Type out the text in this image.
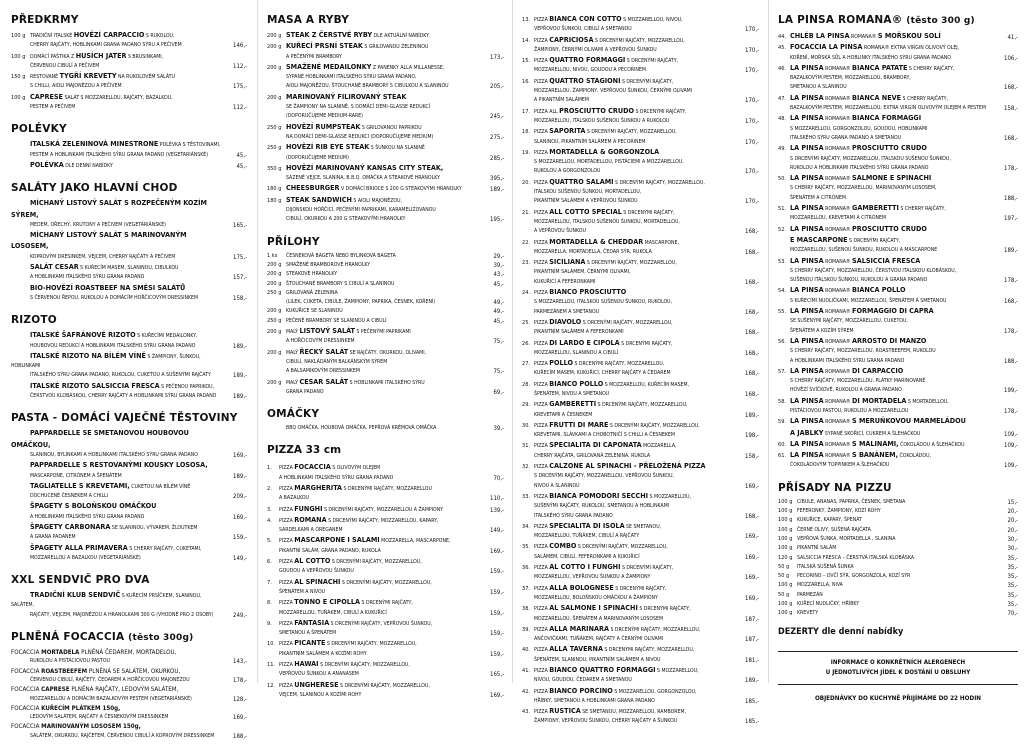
PŘEDKRMY
100 g TRADIČNÍ ITALSKÉ HOVĚZÍ CARPACCIO S RUKOLOU,
CHERRY RAJČATY, HOBLINKAMI GRANA PADANO SÝRU A PEČIVEM	146,-
100 g DOMÁCÍ PAŠTIKA Z HUSÍCH JATER S BRUSINKAMI,
ČERVENOU CIBULÍ A PEČIVEM	112,-
150 g RESTOVANÉ TYGŘÍ KREVETY NA RUKOLOVÉM SALÁTU
S CHILLI, AIOLI MAJONÉZOU A PEČIVEM	175,-
100 g CAPRESE SALÁT S MOZZARELLOU, RAJČATY, BAZALKOU,
PESTEM A PEČIVEM	112,-
POLÉVKY
ITALSKÁ ZELENINOVÁ MINESTRONE POLÉVKA S TĚSTOVINAMI,
PESTEM A HOBLINKAMI ITALSKÉHO SÝRU GRANA PADANO (VEGETARIÁNSKÉ)	45,-
POLÉVKA DLE DENNÍ NABÍDKY	45,-
SALÁTY JAKO HLAVNÍ CHOD
MÍCHANÝ LISTOVÝ SALÁT S ROZPEČENÝM KOZÍM SÝREM,
MEDEM, OŘECHY, KRUTONY A PEČIVEM (VEGETARIÁNSKÉ)	165,-
MÍCHANÝ LISTOVÝ SALÁT S MARINOVANÝM LOSOSEM,
KOPROVÝM DRESINKEM, VEJCEM, CHERRY RAJČATY A PEČIVEM	175,-
SALÁT CESAR S KUŘECÍM MASEM, SLANINOU, CIBULKOU
A HOBLINKAMI ITALSKÉHO SÝRU GRANA PADANO	157,-
BIO-HOVĚZÍ ROASTBEEF NA SMĚSI SALÁTŮ
S ČERVENOU ŘEPOU, RUKOLOU A DOMÁCÍM HOŘČICOVÝM DRESSINKEM	158,-
RIZOTO
ITALSKÉ ŠAFRÁNOVÉ RIZOTO S KUŘECÍMI MEDAILONKY,
HOUBOVOU REDUKCÍ A HOBLINKAMI ITALSKÉHO SÝRU GRANA PADANO	189,-
ITALSKÉ RIZOTO NA BÍLÉM VÍNĚ S ŽAMPIONY, ŠUNKOU, HOBLINKAMI
ITALSKÉHO SÝRU GRANA PADANO, RUKOLOU, CUKETOU A SUŠENÝMI RAJČATY	189,-
ITALSKÉ RIZOTO SALSICCIA FRESCA S PEČENOU PAPRIKOU,
ČERSTVOU KLOBÁSKOU, CHERRY RAJČATY A HOBLINKAMI SÝRU GRANA PADANO	189,-
PASTA - DOMÁCÍ VAJEČNÉ TĚSTOVINY
PAPPARDELLE SE SMETANOVOU HOUBOVOU OMÁČKOU,
SLANINOU, BYLINKAMI A HOBLINKAMI ITALSKÉHO SÝRU GRANA PADANO	169,-
PAPPARDELLE S RESTOVANÝMI KOUSKY LOSOSA,
MASCARPONE, CITRÓNEM A ŠPENÁTEM	189,-
TAGLIATELLE S KREVETAMI, CUKETOU NA BÍLÉM VÍNĚ
DOCHUCENÉ ČESNEKEM A CHILLI	209,-
ŠPAGETY S BOLOŇSKOU OMÁČKOU
A HOBLINKAMI ITALSKÉHO SÝRU GRANA PADANO	169,-
ŠPAGETY CARBONARA SE SLANINOU, VÝVAREM, ŽLOUTKEM
A GRANA PADANEM	159,-
ŠPAGETY ALLA PRIMAVERA S CHERRY RAJČATY, CUKETAMI,
MOZZARELLOU A BAZALKOU (VEGETARIÁNSKÉ)	149,-
XXL SENDVIČ PRO DVA
TRADIČNÍ KLUB SENDVIČ S KUŘECÍM PRSÍČKEM, SLANINOU, SALÁTEM,
RAJČATY, VEJCEM, MAJONÉZOU A HRANOLKAMI 300 G (VHODNÉ PRO 2 OSOBY)	249,-
PLNĚNÁ FOCACCIA (těsto 300g)
FOCACCIA MORTADELA PLNĚNÁ ČEDAREM, MORTADELOU,
RUKOLOU A PISTÁCIOVOU PASTOU	143,-
FOCACCIA ROASTBEEFEM PLNĚNÁ SE SALÁTEM, OKURKOU,
ČERVENOU CIBULÍ, RAJČETY, ČEDAREM A HOŘČICOVOU MAJONÉZOU	178,-
FOCACCIA CAPRESE PLNĚNÁ RAJČATY, LEDOVÝM SALÁTEM,
MOZZARELLOU A DOMÁCÍM BAZALKOVÝM PESTEM (VEGETARIÁNSKÉ)	128,-
FOCACCIA KUŘECÍM PLÁTKEM 150g,
LEDOVÝM SALÁTEM, RAJČATY A ČESNEKOVÝM DRESSINKEM	169,-
FOCACCIA MARINOVANÝM LOSOSEM 150g,
SALÁTEM, OKURKOU, RAJČETEM, ČERVENOU CIBULÍ A KOPROVÝM DRESSINKEM	188,-
MASA A RYBY
200 g STEAK Z ČERSTVÉ RYBY DLE AKTUÁLNÍ NABÍDKY
200 g KUŘECÍ PRSNÍ STEAK S GRILOVANOU ZELENINOU
A PEČENÝMI BRAMBORY	173,-
200 g SMAŽENÉ MEDAILONKY Z PANENKY ALLA MILLANESSE,
SYPANÉ HOBLINKAMI ITALSKÉHO SÝRU GRANA PADANO,
AIOLI MAJONÉZOU, ŠTOUCHANÉ BRAMBORY S CIBULKOU A SLANINOU	205,-
200 g MARINOVANÝ FILIROVANÝ STEAK
SE ŽAMPIONY NA SLANINĚ, S DOMÁCÍ DEMI-GLASSE REDUKCÍ
(DOPORUČUJEME MEDIUM-RARE)	245,-
250 g HOVĚZÍ RUMPSTEAK S GRILOVANOU PAPRIKOU
NA DOMÁCÍ DEMI-GLASSE REDUKCI (DOPORUČUJEME MEDIUM)	275,-
250 g HOVĚZÍ RIB EYE STEAK S ŠUNKOU NA SLANINĚ
(DOPORUČUJEME MEDIUM)	285,-
350 g HOVĚZÍ MARINOVANÝ KANSAS CITY STEAK,
SÁZENÉ VEJCE, SLANINA, B.B.Q. OMÁČKA A STEAKOVÉ HRANOLKY	395,-
180 g CHEESBURGER V DOMÁCÍ BRIOCE S 200 G STEAKOVÝMI HRANOLKY	189,-
180 g STEAK SANDWICH S AIOLI MAJONÉZOU,
DIJONSKOU HOŘČICÍ, PEČENÝMI PAPRIKAMI, KARAMELIZOVANOU
CIBULÍ, OKURKOU A 200 G STEAKOVÝMI HRANOLKY	195,-
PŘÍLOHY
1 ks ČESNEKOVÁ BAGETA NEBO BYLINKOVÁ BAGETA	29,-
200 g SMAŽENÉ BRAMBOROVÉ HRANOLKY	39,-
200 g STEAKOVÉ HRANOLKY	43,-
200 g ŠTOUCHANÉ BRAMBORY S CIBULÍ A SLANINOU	45,-
250 g GRILOVANÁ ZELENINA
(LILEK, CUKETA, CIBULE, ŽAMPIONY, PAPRIKA, ČESNEK, KOŘENÍ)	49,-
200 g KUKUŘICE SE SLANINOU	49,-
250 g PEČENÉ BRAMBORY SE SLANINOU A CIBULÍ	45,-
200 g MALÝ LISTOVÝ SALÁT S PEČENÝMI PAPRIKAMI
A HOŘČICOVÝM DRESSINKEM	75,-
200 g MALÝ ŘECKÝ SALÁT SE RAJČATY, OKURKOU, OLIVAMI,
CIBULÍ, NAKLÁDANÝM BALKÁNSKÝM SÝREM
A BALSAMIKOVÝM DRESSINKEM	75,-
200 g MALÝ CESAR SALÁT S HOBLINKAMI ITALSKÉHO SÝRU
GRANA PADANO	69,-
OMÁČKY
BBQ OMÁČKA, HOUBOVÁ OMÁČKA, PEPŘOVÁ KRÉMOVÁ OMÁČKA	39,-
PIZZA 33 cm
1. PIZZA FOCACCIA S OLIVOVÝM OLEJEM
A HOBLINKAMI ITALSKÉHO SÝRU GRANA PADANO	70,-
2. PIZZA MARGHERITA S DRCENÝMI RAJČATY, MOZZARELLOU
A BAZALKOU	110,-
3. PIZZA FUNGHI S DRCENÝMI RAJČATY, MOZZARELLOU A ŽAMPIONY	139,-
4. PIZZA ROMANA S DRCENÝMI RAJČATY, MOZZARELLOU, KAPARY,
SARDELKAMI A OREGANEM	149,-
5. PIZZA MASCARPONE I SALAMI MOZZARELLA, MASCARPONE,
PIKANTNÍ SALÁM, GRANA PADANO, RUKOLA	169,-
6. PIZZA AL COTTO S DRCENÝMI RAJČATY, MOZZARELLOU,
GOUDOU A VEPŘOVOU ŠUNKOU	159,-
7. PIZZA AL SPINACHI S DRCENÝMI RAJČATY, MOZZARELLOU,
ŠPENÁTEM A NIVOU	159,-
8. PIZZA TONNO E CIPOLLA S DRCENÝMI RAJČATY,
MOZZARELLOU, TUŇÁKEM, CIBULÍ A KUKUŘICÍ	159,-
9. PIZZA FANTASIA S DRCENÝMI RAJČATY, VEPŘOVOU ŠUNKOU,
SMETANOU A ŠPENÁTEM	159,-
10. PIZZA PICANTE S DRCENÝMI RAJČATY, MOZZARELLOU,
PIKANTNÍM SALÁMEM A KOZÍMI ROHY	159,-
11. PIZZA HAWAI S DRCENÝMI RAJČATY, MOZZARELLOU,
VEPŘOVOU ŠUNKOU A ANANASEM	165,-
12. PIZZA UNGHERESE S DRCENÝMI RAJČATY, MOZZARELLOU,
VEJCEM, SLANINOU A KOZÍMI ROHY	169,-
13. PIZZA BIANCA CON COTTO S MOZZARELLOU, NIVOU,
VEPŘOVOU ŠUNKOU, CIBULÍ A SMETANOU	170,-
14. PIZZA CAPRICIOSA S DRCENÝMI RAJČATY, MOZZARELLOU,
ŽAMPIONY, ČERNÝMI OLIVAMI A VEPŘOVOU ŠUNKOU	170,-
15. PIZZA QUATTRO FORMAGGI S DRCENÝMI RAJČATY,
MOZZARELLOU, NIVOU, GOUDOU A PECORINEM	170,-
16. PIZZA QUATTRO STAGIONI S DRCENÝMI RAJČATY,
MOZZARELLOU, ŽAMPIONY, VEPŘOVOU ŠUNKOU, ČERNÝMI OLIVAMI
A PIKANTNÍM SALÁMEM	170,-
17. PIZZA ALL PROSCIUTTO CRUDO S DRCENÝMI RAJČATY,
MOZZARELLOU, ITALSKOU SUŠENOU ŠUNKOU A RUKOLOU	170,-
18. PIZZA SAPORITA S DRCENÝMI RAJČATY, MOZZARELLOU,
SLANINOU, PIKANTNÍM SALÁMEM A PECORINEM	170,-
19. PIZZA MORTADELLA & GORGONZOLA
S MOZZARELLOU, MORTADELLOU, PISTÁCIEMI A MOZZARELLOU,
RUKOLOU A GORGONZOLOU	170,-
20. PIZZA QUATTRO SALAMI S DRCENÝMI RAJČATY, MOZZARELLOU,
ITALSKOU SUŠENOU ŠUNKOU, MORTADELLOU,
PIKANTNÍM SALÁMEM A VEPŘOVOU ŠUNKOU	170,-
21. PIZZA ALL COTTO SPECIAL S DRCENÝMI RAJČATY,
MOZZARELLOU, ITALSKOU SUŠENOU ŠUNKOU, MORTADELLOU,
A VEPŘOVOU ŠUNKOU	168,-
22. PIZZA MORTADELLA & CHEDDAR MASCARPONE,
MOZZARELLA, MORTADELLA, ČEDAR SÝR, RUKOLA	168,-
23. PIZZA SICILIANA S DRCENÝMI RAJČATY, MOZZARELLOU,
PIKANTNÍM SALÁMEM, ČERNÝMI OLIVAMI,
KUKUŘICÍ A FEFERONKAMI	168,-
24. PIZZA BIANCO PROSCIUTTO
S MOZZARELLOU, ITALSKOU SUŠENOU ŠUNKOU, RUKOLOU,
PARMEZÁNEM A SMETANOU	168,-
25. PIZZA DIAVOLO S DRCENÝMI RAJČATY, MOZZARELLOU,
PIKANTNÍM SALÁMEM A FEFERONKAMI	168,-
26. PIZZA DI LARDO E CIPOLA S DRCENÝMI RAJČATY,
MOZZARELLOU, SLANINOU A CIBULÍ	168,-
27. PIZZA POLLO S DRCENÝMI RAJČATY, MOZZARELLOU,
KUŘECÍM MASEM, KUKUŘICÍ, CHERRY RAJČATY A ČEDAREM	168,-
28. PIZZA BIANCO POLLO S MOZZARELLOU, KUŘECÍM MASEM,
ŠPENÁTEM, NIVOU A SMETANOU	168,-
29. PIZZA GAMBERETTI S DRCENÝMI RAJČATY, MOZZARELLOU,
KREVETAMI A ČESNEKEM	189,-
30. PIZZA FRUTTI DI MARE S DRCENÝMI RAJČATY, MOZZARELLOU,
KREVETAMI, SLÁVKAMI A CHOBOTNIČÍ S CHILLI A ČESNEKEM	198,-
31. PIZZA SPECIALITA DI CAPONATA MOZZARELLA,
CHERRY RAJČATA, GRILOVANÁ ZELENINA, RUKOLA	158,-
32. PIZZA CALZONE AL SPINACHI - PŘELOŽENÁ PIZZA
S DRCENÝMI RAJČATY, MOZZARELLOU, VEPŘOVOU ŠUNKOU,
NIVOU A SLANINOU	169,-
33. PIZZA BIANCA POMODORI SECCHI S MOZZARELLOU,
SUŠENÝMI RAJČATY, RUKOLOU, SMETANOU A HOBLINKAMI
ITALSKÉHO SÝRU GRANA PADANO	168,-
34. PIZZA SPECIALITA DI ISOLA SE SMETANOU,
MOZZARELLOU, TUŇÁKEM, CIBULÍ A RAJČATY	169,-
35. PIZZA COMBO S DRCENÝMI RAJČATY, MOZZARELLOU,
SALÁMEM, CIBULÍ, FEFERONKAMI A KUKUŘICÍ	169,-
36. PIZZA AL COTTO I FUNGHI S DRCENÝMI RAJČATY,
MOZZARELLOU, VEPŘOVOU ŠUNKOU A ŽAMPIONY	169,-
37. PIZZA ALLA BOLOGNESE S DRCENÝMI RAJČATY,
MOZZARELLOU, BOLOŇSKOU OMÁČKOU A ŽAMPIONY	169,-
38. PIZZA AL SALMONE I SPINACHI S DRCENÝMI RAJČATY,
MOZZARELLOU, ŠPENÁTEM A MARINOVANÝM LOSOSEM	187,-
39. PIZZA ALLA MARINARA S DRCENÝMI RAJČATY, MOZZARELLOU,
ANČOVIČKAMI, TUŇÁKEM, RAJČATY A ČERNÝMI OLIVAMI	187,-
40. PIZZA ALLA TAVERNA S DRCENÝMI RAJČATY, MOZZARELLOU,
ŠPENÁTEM, SLANINOU, PIKANTNÍM SALÁMEM A NIVOU	181,-
41. PIZZA BIANCO QUATTRO FORMAGGI S MOZZARELLOU,
NIVOU, GOUDOU, ČEDAREM A SMETANOU	189,-
42. PIZZA BIANCO PORCINO S MOZZARELLOU, GORGONZOLOU,
HŘÍBKY, SMETANOU A HOBLINKAMI GRANA PADANO	185,-
43. PIZZA RUSTICA SE SMETANOU, MOZZARELLOU, RAMBOREM,
ŽAMPIONY, VEPŘOVOU ŠUNKOU, CHERRY RAJČATY A ŠUNKOU	185,-
LA PINSA ROMANA® (těsto 300 g)
44. CHLÉB LA PINSA ROMANA® S MOŘSKOU SOLÍ	41,-
45. FOCACCIA LA PINSA ROMANA® EXTRA VIRGIN OLIVOVÝ OLEJ,
KOŘENÍ, MOŘSKÁ SŮL A HOBLINKY ITALSKÉHO SÝRU GRANA PADANO	106,-
46. LA PINSA ROMANA® BIANCA PATATE S CHERRY RAJČATY,
BAZALKOVÝM PESTEM, MOZZARELLOU, BRAMBORY,
SMETANOU A SLANINOU	168,-
47. LA PINSA ROMANA® BIANCA NEVE S CHERRY RAJČATY,
BAZALKOVÝM PESTEM, MOZZARELLOU, EXTRA VIRGIN OLIVOVÝM OLEJEM A PESTEM	158,-
48. LA PINSA ROMANA® BIANCA FORMAGGI
S MOZZARELLOU, GORGONZOLOU, GOUDOU, HOBLINKAMI
ITALSKÉHO SÝRU GRANA PADANO A SMETANOU	168,-
49. LA PINSA ROMANA® PROSCIUTTO CRUDO
S DRCENÝMI RAJČATY, MOZZARELLOU, ITALSKOU SUŠENOU ŠUNKOU,
RUKOLOU A HOBLINKAMI ITALSKÉHO SÝRU GRANA PADANO	178,-
50. LA PINSA ROMANA® SALMONE E SPINACHI
S CHERRY RAJČATY, MOZZARELLOU, MARINOVANÝM LOSOSEM,
ŠPENÁTEM A CITRÓNEM	188,-
51. LA PINSA ROMANA® GAMBERETTI S CHERRY RAJČATY,
MOZZARELLOU, KREVETAMI A CITRÓNEM	197,-
52. LA PINSA ROMANA® PROSCIUTTO CRUDO
E MASCARPONE S DRCENÝMI RAJČATY,
MOZZARELLOU, SUŠENOU ŠUNKOU, RUKOLOU A MASCARPONE	189,-
53. LA PINSA ROMANA® SALSICCIA FRESCA
S CHERRY RAJČATY, MOZZARELLOU, ČERSTVOU ITALSKOU KLOBÁSKOU,
SUŠENOU ITALSKOU ŠUNKOU, RUKOLOU A GRANA PADANO	178,-
54. LA PINSA ROMANA® BIANCA POLLO
S KUŘECÍMI NUDLIČKAMI, MOZZARELLOU, ŠPENÁTEM A SMETANOU	168,-
55. LA PINSA ROMANA® FORMAGGIO DI CAPRA
SE SUŠENÝMI RAJČATY, MOZZARELLOU, CUKETOU,
ŠPENÁTEM A KOZÍM SÝREM	178,-
56. LA PINSA ROMANA® ARROSTO DI MANZO
S CHERRY RAJČATY, MOZZARELLOU, ROASTBEEFEM, RUKOLOU
A HOBLINKAMI ITALSKÉHO SÝRU GRANA PADANO	188,-
57. LA PINSA ROMANA® DI CARPACCIO
S CHERRY RAJČATY, MOZZARELLOU, PLÁTKY MARINOVANÉ
HOVĚZÍ SVÍČKOVÉ, RUKOLOU A GRANA PADANO	199,-
58. LA PINSA ROMANA® DI MORTADELA S MORTADELLOU,
PISTÁCIOVOU PASTOU, RUKOLOU A MOZZARELLOU	178,-
59. LA PINSA ROMANA® S MERUŇKOVOU MARMELÁDOU
A JABLKY SYPANÉ SKOŘICÍ, CUKREM A ŠLEHAČKOU	109,-
60. LA PINSA ROMANA® S MALINAMI, ČOKOLÁDOU A ŠLEHAČKOU	109,-
61. LA PINSA ROMANA® S BANÁNEM, ČOKOLÁDOU,
ČOKOLÁDOVÝM TOPPINKEM A ŠLEHAČKOU	109,-
PŘÍSADY NA PIZZU
100 g CIBULE, ANANAS, PAPRIKA, ČESNEK, SMETANA	15,-
100 g FEFERONKY, ŽAMPIONY, KOZÍ ROHY	20,-
100 g KUKUŘICE, KAPARY, ŠPENÁT	20,-
100 g ČERNÉ OLIVY, SUŠENÁ RAJČATA	20,-
100 g VEPŘOVÁ ŠUNKA, MORTADELLA , SLANINA	30,-
100 g PIKANTNÍ SALÁM	30,-
120 g SALSICCIA FRESCA – ČERSTVÁ ITALSKÁ KLOBÁSKA	35,-
50 g ITALSKÁ SUŠENÁ ŠUNKA	35,-
50 g PECORINO – OVČÍ SÝR, GORGONZOLA, KOZÍ SÝR	35,-
100 g MOZZARELLA, NIVA	35,-
50 g PARMEZÁN	35,-
100 g KUŘECÍ NUDLIČKY, HŘÍBKY	35,-
100 g KREVETY	70,-
DEZERTY dle denní nabídky
INFORMACE O KONKRÉTNÍCH ALERGENECH
U JEDNOTLIVÝCH JÍDEL K DOSTÁNÍ U OBSLUHY
OBJEDNÁVKY DO KUCHYNĚ PŘIJÍMÁME DO 22 HODIN
